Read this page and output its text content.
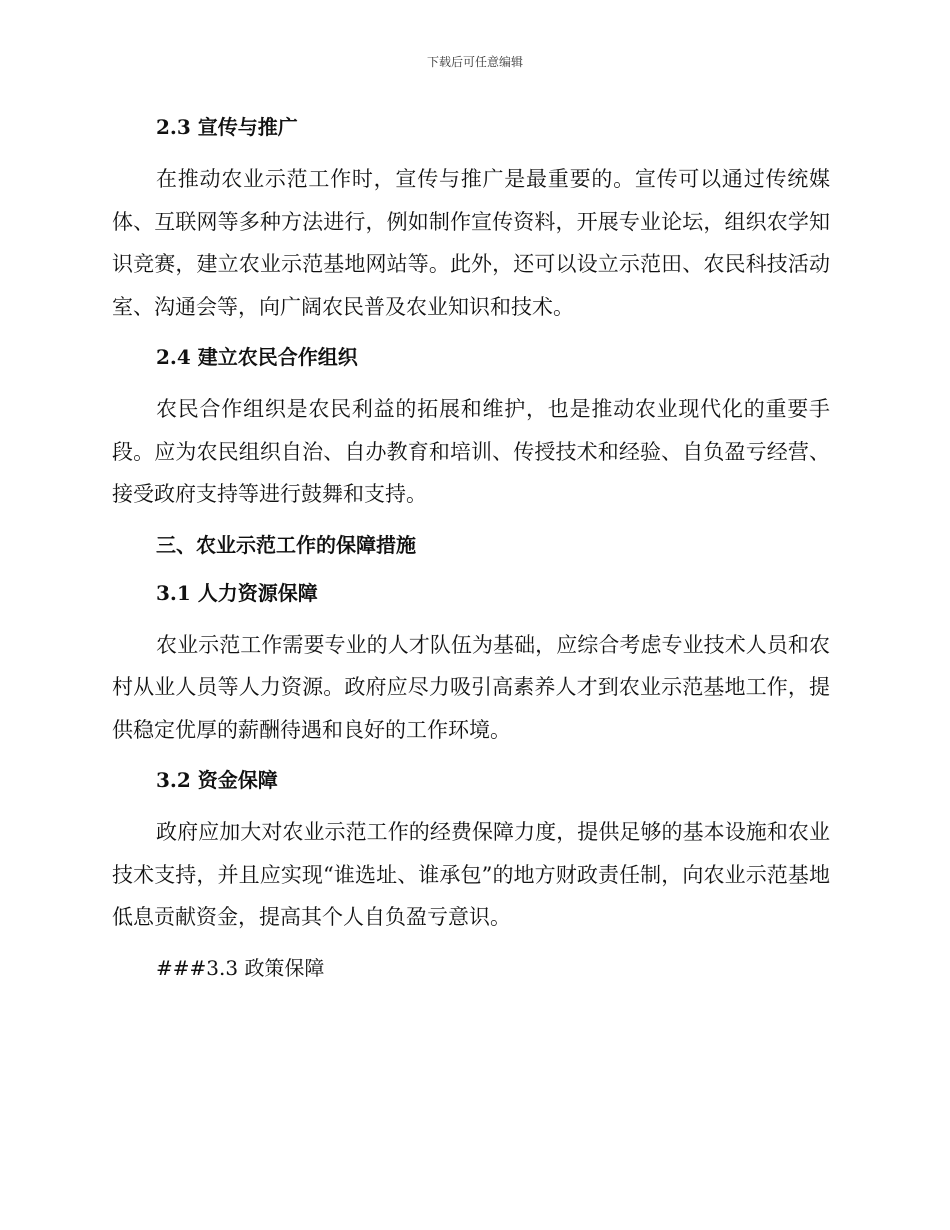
下载后可任意编辑
2.3 宣传与推广

在推动农业示范工作时，宣传与推广是最重要的。宣传可以通过传统媒体、互联网等多种方法进行，例如制作宣传资料，开展专业论坛，组织农学知识竞赛，建立农业示范基地网站等。此外，还可以设立示范田、农民科技活动室、沟通会等，向广阔农民普及农业知识和技术。

2.4 建立农民合作组织

农民合作组织是农民利益的拓展和维护，也是推动农业现代化的重要手段。应为农民组织自治、自办教育和培训、传授技术和经验、自负盈亏经营、接受政府支持等进行鼓舞和支持。

三、农业示范工作的保障措施
3.1 人力资源保障

农业示范工作需要专业的人才队伍为基础，应综合考虑专业技术人员和农村从业人员等人力资源。政府应尽力吸引高素养人才到农业示范基地工作，提供稳定优厚的薪酬待遇和良好的工作环境。

3.2 资金保障

政府应加大对农业示范工作的经费保障力度，提供足够的基本设施和农业技术支持，并且应实现“谁选址、谁承包”的地方财政责任制，向农业示范基地低息贡献资金，提高其个人自负盈亏意识。

###3.3 政策保障
